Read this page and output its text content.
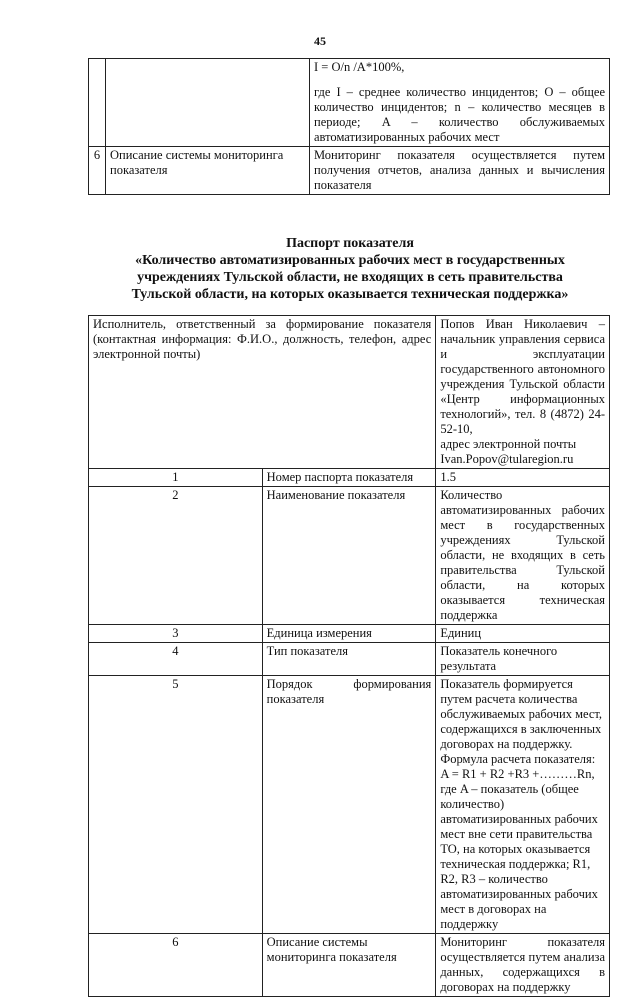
45

		I = O/n /A*100%,

где I – среднее количество инцидентов; O – общее количество инцидентов; n – количество месяцев в периоде; A – количество обслуживаемых автоматизированных рабочих мест

6	Описание системы мониторинга показателя	Мониторинг показателя осуществляется путем получения отчетов, анализа данных и вычисления показателя
Паспорт показателя
«Количество автоматизированных рабочих мест в государственных
учреждениях Тульской области, не входящих в сеть правительства
Тульской области, на которых оказывается техническая поддержка»
Исполнитель, ответственный за формирование показателя (контактная информация: Ф.И.О., должность, телефон, адрес электронной почты)		Попов Иван Николаевич – начальник управления сервиса и эксплуатации государственного автономного учреждения Тульской области «Центр информационных технологий», тел. 8 (4872) 24-52-10,

адрес электронной почты

Ivan.Popov@tularegion.ru

1	Номер паспорта показателя	1.5
2	Наименование показателя	Количество автоматизированных рабочих мест в государственных учреждениях Тульской области, не входящих в сеть правительства Тульской области, на которых оказывается техническая поддержка
3	Единица измерения	Единиц
4	Тип показателя	Показатель конечного результата
5	Порядок формирования показателя	Показатель формируется путем расчета количества обслуживаемых рабочих мест, содержащихся в заключенных договорах на поддержку. Формула расчета показателя:

A = R1 + R2 +R3 +………Rn,

где A – показатель (общее количество) автоматизированных рабочих мест вне сети правительства ТО, на которых оказывается техническая поддержка; R1, R2, R3 – количество автоматизированных рабочих мест в договорах на поддержку

6	Описание системы мониторинга показателя	Мониторинг показателя осуществляется путем анализа данных, содержащихся в договорах на поддержку
